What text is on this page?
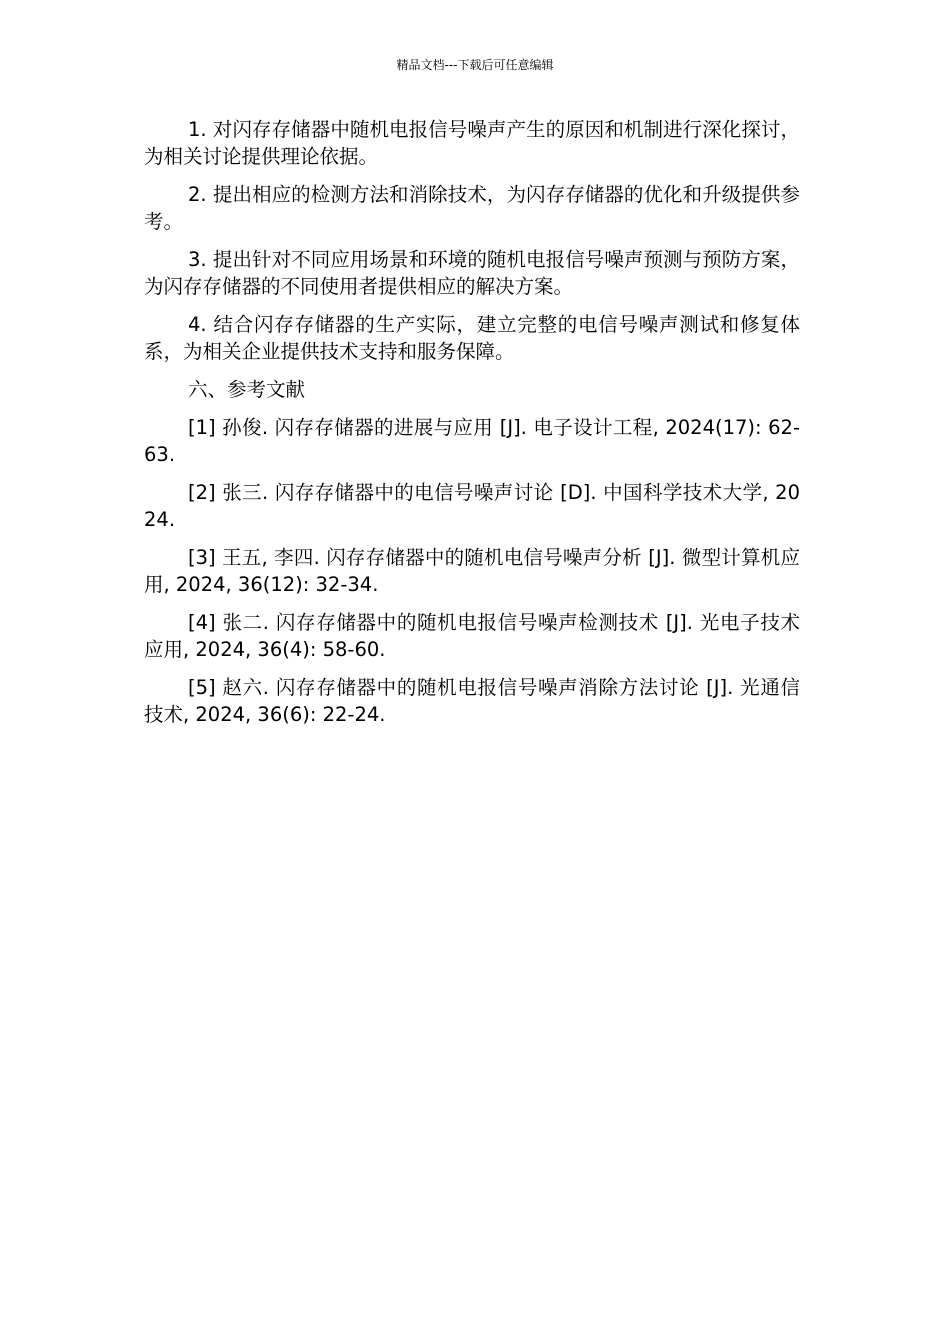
精品文档---下载后可任意编辑

1. 对闪存存储器中随机电报信号噪声产生的原因和机制进行深化探讨，为相关讨论提供理论依据。

2. 提出相应的检测方法和消除技术，为闪存存储器的优化和升级提供参考。

3. 提出针对不同应用场景和环境的随机电报信号噪声预测与预防方案，为闪存存储器的不同使用者提供相应的解决方案。

4. 结合闪存存储器的生产实际，建立完整的电信号噪声测试和修复体系，为相关企业提供技术支持和服务保障。

六、参考文献

[1] 孙俊. 闪存存储器的进展与应用 [J]. 电子设计工程, 2024(17): 62-63.

[2] 张三. 闪存存储器中的电信号噪声讨论 [D]. 中国科学技术大学, 2024.

[3] 王五, 李四. 闪存存储器中的随机电信号噪声分析 [J]. 微型计算机应用, 2024, 36(12): 32-34.

[4] 张二. 闪存存储器中的随机电报信号噪声检测技术 [J]. 光电子技术应用, 2024, 36(4): 58-60.

[5] 赵六. 闪存存储器中的随机电报信号噪声消除方法讨论 [J]. 光通信技术, 2024, 36(6): 22-24.
